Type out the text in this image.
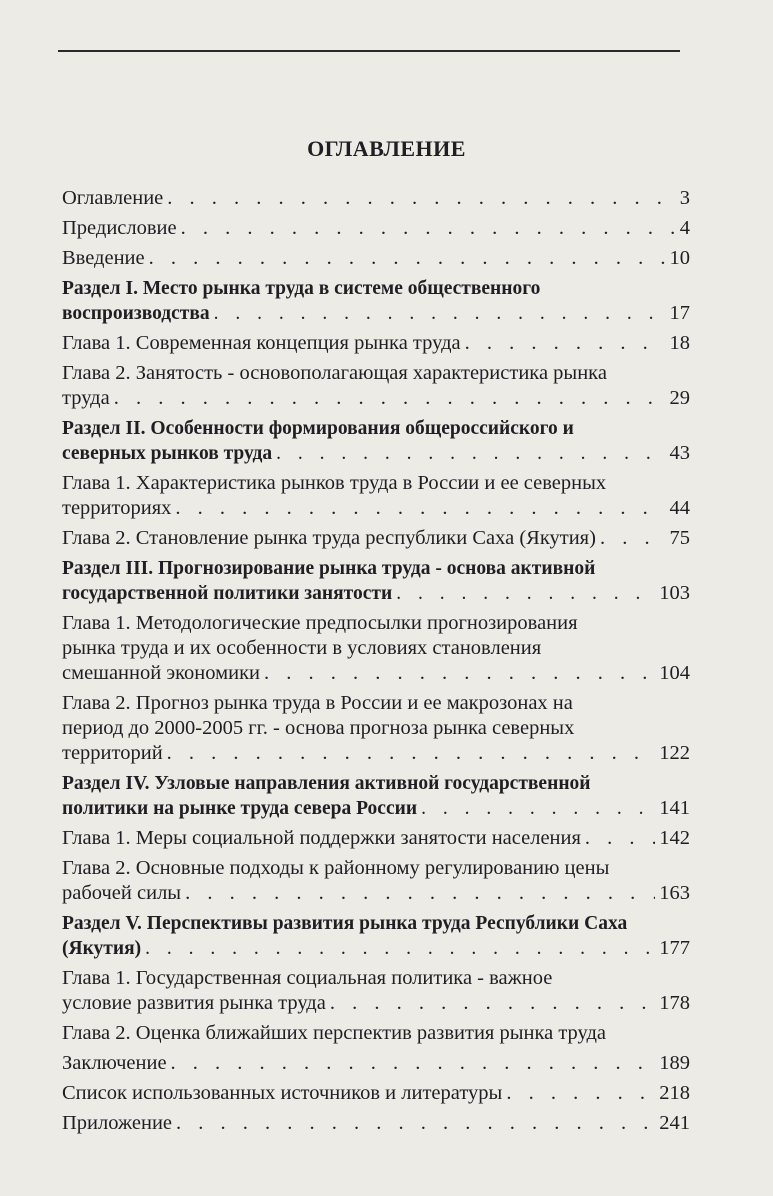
ОГЛАВЛЕНИЕ
Оглавление . . .	3
Предисловие . . .	4
Введение . . .	10
Раздел I. Место рынка труда в системе общественного
воспроизводства . . .	17
Глава 1. Современная концепция рынка труда . . .	18
Глава 2. Занятость - основополагающая характеристика рынка
труда . . .	29
Раздел II. Особенности формирования общероссийского и
северных рынков труда . . .	43
Глава 1. Характеристика рынков труда в России и ее северных
территориях . . .	44
Глава 2. Становление рынка труда республики Саха (Якутия) . . .	75
Раздел III. Прогнозирование рынка труда - основа активной
государственной политики занятости . . .	103
Глава 1. Методологические предпосылки прогнозирования
рынка труда и их особенности в условиях становления
смешанной экономики . . .	104
Глава 2. Прогноз рынка труда в России и ее макрозонах на
период до 2000-2005 гг. - основа прогноза рынка северных
территорий . . .	122
Раздел IV. Узловые направления активной государственной
политики на рынке труда севера России . . .	141
Глава 1. Меры социальной поддержки занятости населения . . .	142
Глава 2. Основные подходы к районному регулированию цены
рабочей силы . . .	163
Раздел V. Перспективы развития рынка труда Республики Саха
(Якутия) . . .	177
Глава 1. Государственная социальная политика - важное
условие развития рынка труда . . .	178
Глава 2. Оценка ближайших перспектив развития рынка труда
Заключение . . .	189
Список использованных источников и литературы . . .	218
Приложение . . .	241
